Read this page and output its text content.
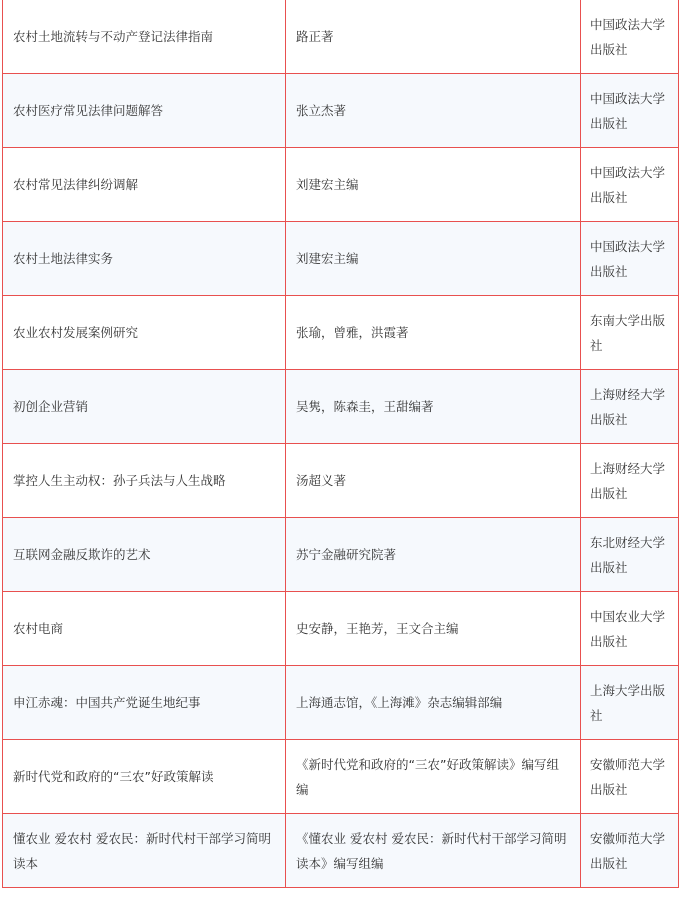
农村土地流转与不动产登记法律指南	路正著	中国政法大学出版社
农村医疗常见法律问题解答	张立杰著	中国政法大学出版社
农村常见法律纠纷调解	刘建宏主编	中国政法大学出版社
农村土地法律实务	刘建宏主编	中国政法大学出版社
农业农村发展案例研究	张瑜，曾雅，洪霞著	东南大学出版社
初创企业营销	吴隽，陈森圭，王甜编著	上海财经大学出版社
掌控人生主动权：孙子兵法与人生战略	汤超义著	上海财经大学出版社
互联网金融反欺诈的艺术	苏宁金融研究院著	东北财经大学出版社
农村电商	史安静，王艳芳，王文合主编	中国农业大学出版社
申江赤魂：中国共产党诞生地纪事	上海通志馆，《上海滩》杂志编辑部编	上海大学出版社
新时代党和政府的“三农”好政策解读	《新时代党和政府的“三农”好政策解读》编写组编	安徽师范大学出版社
懂农业 爱农村 爱农民：新时代村干部学习简明读本	《懂农业 爱农村 爱农民：新时代村干部学习简明读本》编写组编	安徽师范大学出版社
